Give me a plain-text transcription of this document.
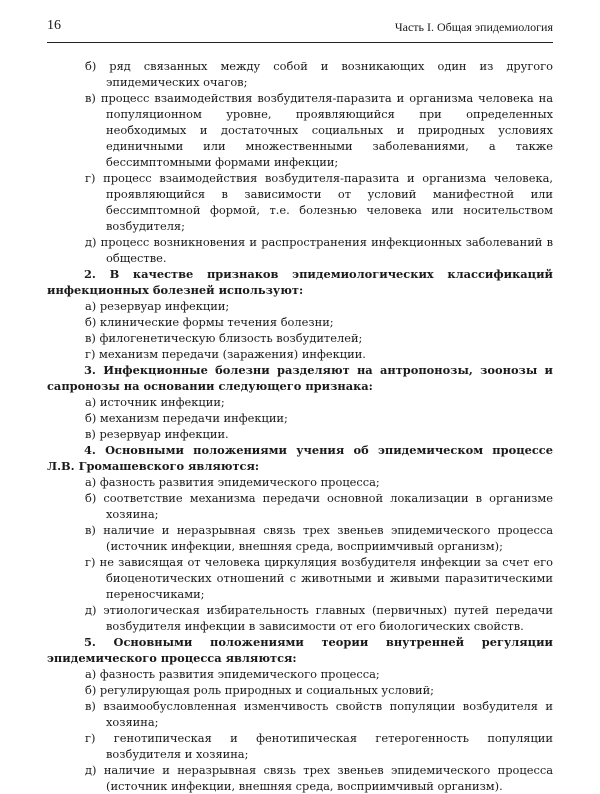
16	Часть I. Общая эпидемиология

б) ряд связанных между собой и возникающих один из другого эпидемических очагов;

в) процесс взаимодействия возбудителя-паразита и организма человека на популяционном уровне, проявляющийся при определенных необходимых и достаточных социальных и природных условиях единичными или множественными заболеваниями, а также бессимптомными формами инфекции;

г) процесс взаимодействия возбудителя-паразита и организма человека, проявляющийся в зависимости от условий манифестной или бессимптомной формой, т.е. болезнью человека или носительством возбудителя;

д) процесс возникновения и распространения инфекционных заболеваний в обществе.

2. В качестве признаков эпидемиологических классификаций инфекционных болезней используют:

а) резервуар инфекции;

б) клинические формы течения болезни;

в) филогенетическую близость возбудителей;

г) механизм передачи (заражения) инфекции.

3. Инфекционные болезни разделяют на антропонозы, зоонозы и сапронозы на основании следующего признака:

а) источник инфекции;

б) механизм передачи инфекции;

в) резервуар инфекции.

4. Основными положениями учения об эпидемическом процессе Л.В. Громашевского являются:

а) фазность развития эпидемического процесса;

б) соответствие механизма передачи основной локализации в организме хозяина;

в) наличие и неразрывная связь трех звеньев эпидемического процесса (источник инфекции, внешняя среда, восприимчивый организм);

г) не зависящая от человека циркуляция возбудителя инфекции за счет его биоценотических отношений с животными и живыми паразитическими переносчиками;

д) этиологическая избирательность главных (первичных) путей передачи возбудителя инфекции в зависимости от его биологических свойств.

5. Основными положениями теории внутренней регуляции эпидемического процесса являются:

а) фазность развития эпидемического процесса;

б) регулирующая роль природных и социальных условий;

в) взаимообусловленная изменчивость свойств популяции возбудителя и хозяина;

г) генотипическая и фенотипическая гетерогенность популяции возбудителя и хозяина;

д) наличие и неразрывная связь трех звеньев эпидемического процесса (источник инфекции, внешняя среда, восприимчивый организм).
